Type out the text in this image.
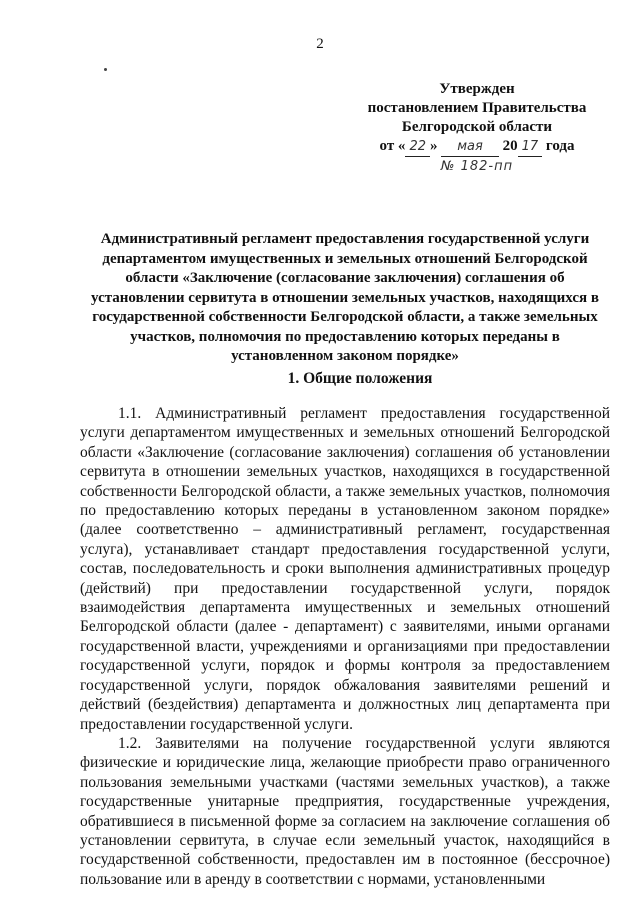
2
Утвержден
постановлением Правительства
Белгородской области
от « 22 » мая 20 17 года
№ 182-пп
Административный регламент предоставления государственной услуги департаментом имущественных и земельных отношений Белгородской области «Заключение (согласование заключения) соглашения об установлении сервитута в отношении земельных участков, находящихся в государственной собственности Белгородской области, а также земельных участков, полномочия по предоставлению которых переданы в установленном законом порядке»
1. Общие положения

1.1. Административный регламент предоставления государственной услуги департаментом имущественных и земельных отношений Белгородской области «Заключение (согласование заключения) соглашения об установлении сервитута в отношении земельных участков, находящихся в государственной собственности Белгородской области, а также земельных участков, полномочия по предоставлению которых переданы в установленном законом порядке» (далее соответственно – административный регламент, государственная услуга), устанавливает стандарт предоставления государственной услуги, состав, последовательность и сроки выполнения административных процедур (действий) при предоставлении государственной услуги, порядок взаимодействия департамента имущественных и земельных отношений Белгородской области (далее - департамент) с заявителями, иными органами государственной власти, учреждениями и организациями при предоставлении государственной услуги, порядок и формы контроля за предоставлением государственной услуги, порядок обжалования заявителями решений и действий (бездействия) департамента и должностных лиц департамента при предоставлении государственной услуги.

1.2. Заявителями на получение государственной услуги являются физические и юридические лица, желающие приобрести право ограниченного пользования земельными участками (частями земельных участков), а также государственные унитарные предприятия, государственные учреждения, обратившиеся в письменной форме за согласием на заключение соглашения об установлении сервитута, в случае если земельный участок, находящийся в государственной собственности, предоставлен им в постоянное (бессрочное) пользование или в аренду в соответствии с нормами, установленными
